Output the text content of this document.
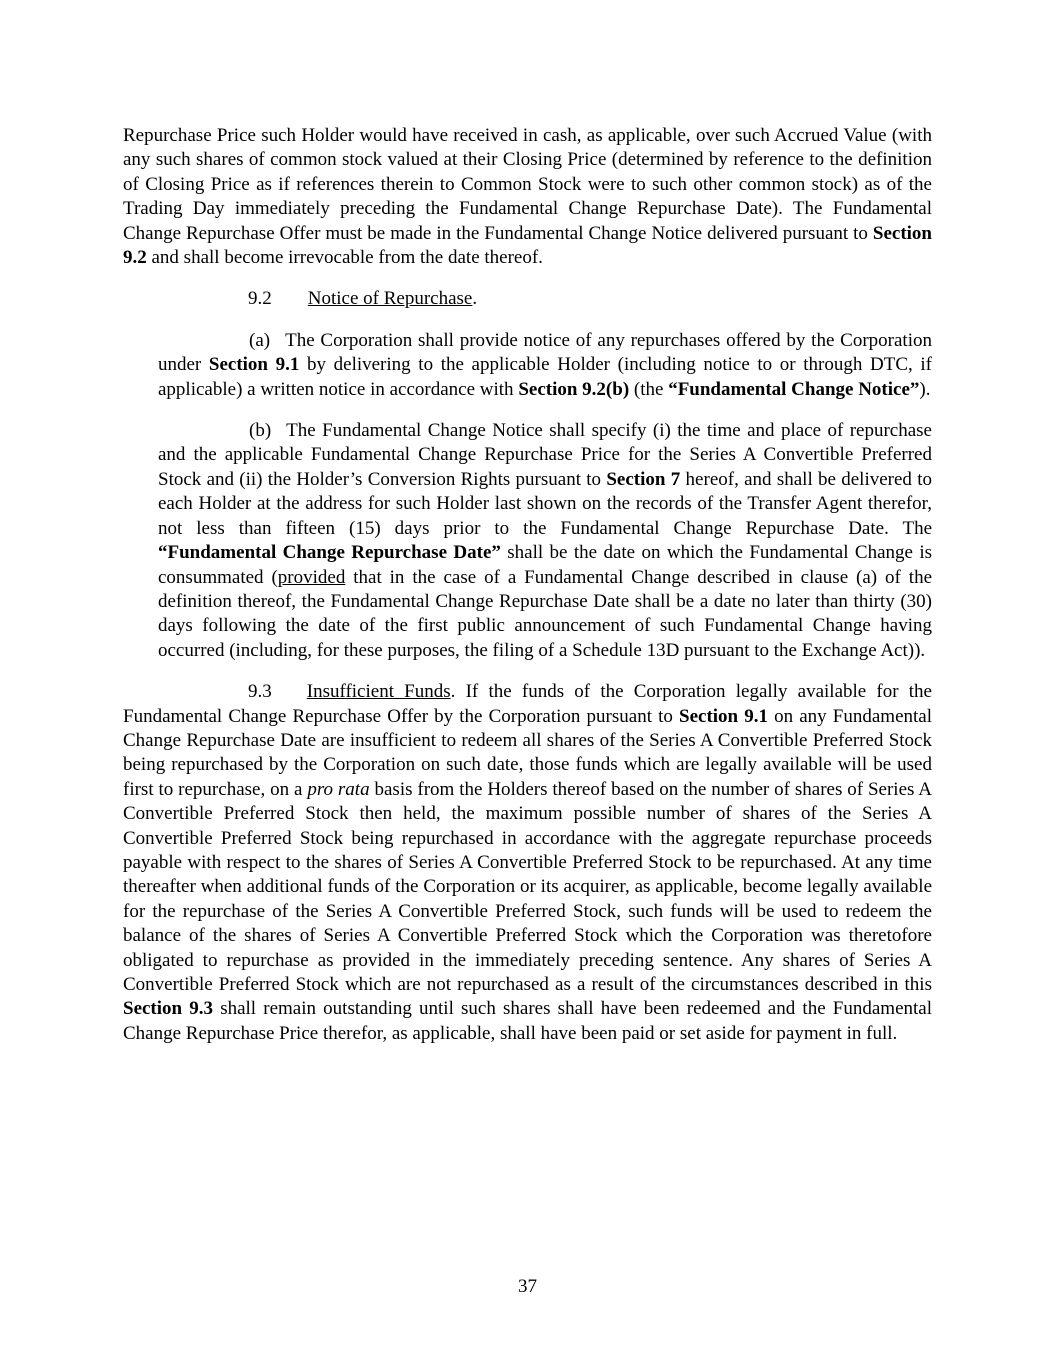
Repurchase Price such Holder would have received in cash, as applicable, over such Accrued Value (with any such shares of common stock valued at their Closing Price (determined by reference to the definition of Closing Price as if references therein to Common Stock were to such other common stock) as of the Trading Day immediately preceding the Fundamental Change Repurchase Date). The Fundamental Change Repurchase Offer must be made in the Fundamental Change Notice delivered pursuant to Section 9.2 and shall become irrevocable from the date thereof.

9.2 Notice of Repurchase.

(a) The Corporation shall provide notice of any repurchases offered by the Corporation under Section 9.1 by delivering to the applicable Holder (including notice to or through DTC, if applicable) a written notice in accordance with Section 9.2(b) (the “Fundamental Change Notice”).

(b) The Fundamental Change Notice shall specify (i) the time and place of repurchase and the applicable Fundamental Change Repurchase Price for the Series A Convertible Preferred Stock and (ii) the Holder’s Conversion Rights pursuant to Section 7 hereof, and shall be delivered to each Holder at the address for such Holder last shown on the records of the Transfer Agent therefor, not less than fifteen (15) days prior to the Fundamental Change Repurchase Date. The “Fundamental Change Repurchase Date” shall be the date on which the Fundamental Change is consummated (provided that in the case of a Fundamental Change described in clause (a) of the definition thereof, the Fundamental Change Repurchase Date shall be a date no later than thirty (30) days following the date of the first public announcement of such Fundamental Change having occurred (including, for these purposes, the filing of a Schedule 13D pursuant to the Exchange Act)).

9.3 Insufficient Funds. If the funds of the Corporation legally available for the Fundamental Change Repurchase Offer by the Corporation pursuant to Section 9.1 on any Fundamental Change Repurchase Date are insufficient to redeem all shares of the Series A Convertible Preferred Stock being repurchased by the Corporation on such date, those funds which are legally available will be used first to repurchase, on a pro rata basis from the Holders thereof based on the number of shares of Series A Convertible Preferred Stock then held, the maximum possible number of shares of the Series A Convertible Preferred Stock being repurchased in accordance with the aggregate repurchase proceeds payable with respect to the shares of Series A Convertible Preferred Stock to be repurchased. At any time thereafter when additional funds of the Corporation or its acquirer, as applicable, become legally available for the repurchase of the Series A Convertible Preferred Stock, such funds will be used to redeem the balance of the shares of Series A Convertible Preferred Stock which the Corporation was theretofore obligated to repurchase as provided in the immediately preceding sentence. Any shares of Series A Convertible Preferred Stock which are not repurchased as a result of the circumstances described in this Section 9.3 shall remain outstanding until such shares shall have been redeemed and the Fundamental Change Repurchase Price therefor, as applicable, shall have been paid or set aside for payment in full.

37
